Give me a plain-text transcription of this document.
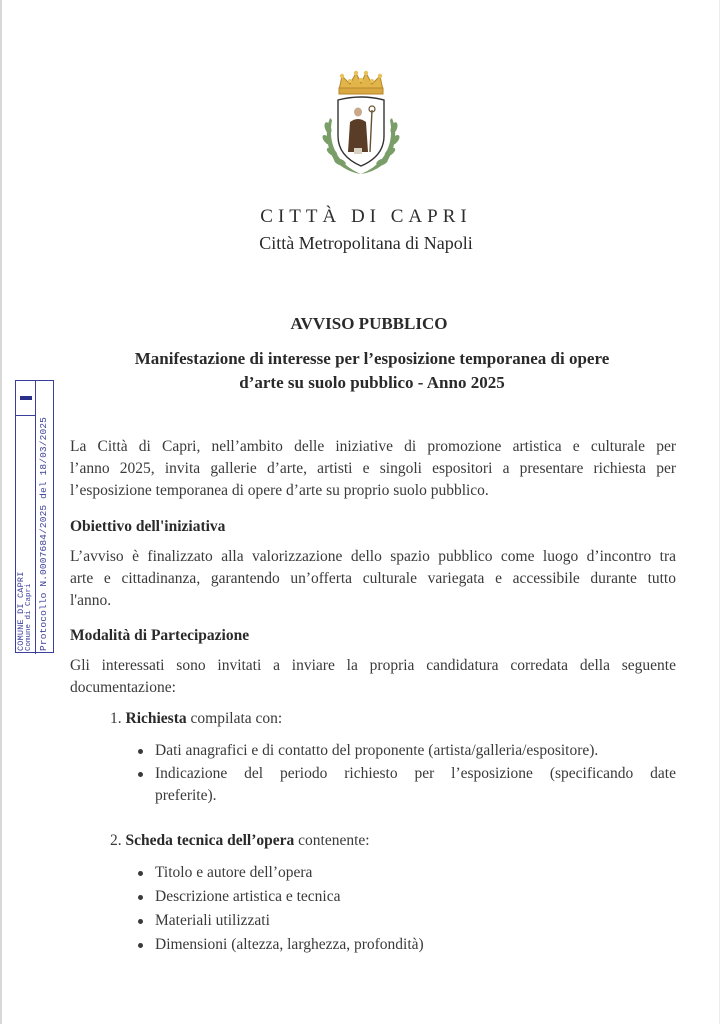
CITTÀ DI CAPRI
Città Metropolitana di Napoli
AVVISO PUBBLICO
Manifestazione di interesse per l’esposizione temporanea di opere
d’arte su suolo pubblico - Anno 2025
COMUNE DI CAPRI Comune di Capri Protocollo N.0007684/2025 del 18/03/2025 La Città di Capri, nell’ambito delle iniziative di promozione artistica e culturale per
l’anno 2025, invita gallerie d’arte, artisti e singoli espositori a presentare richiesta per
l’esposizione temporanea di opere d’arte su proprio suolo pubblico.
Obiettivo dell'iniziativa
L’avviso è finalizzato alla valorizzazione dello spazio pubblico come luogo d’incontro tra
arte e cittadinanza, garantendo un’offerta culturale variegata e accessibile durante tutto
l'anno.
Modalità di Partecipazione
Gli interessati sono invitati a inviare la propria candidatura corredata della seguente
documentazione:
1. Richiesta compilata con:
Dati anagrafici e di contatto del proponente (artista/galleria/espositore).
Indicazione del periodo richiesto per l’esposizione (specificando date
preferite).
2. Scheda tecnica dell’opera contenente:
Titolo e autore dell’opera
Descrizione artistica e tecnica
Materiali utilizzati
Dimensioni (altezza, larghezza, profondità)
